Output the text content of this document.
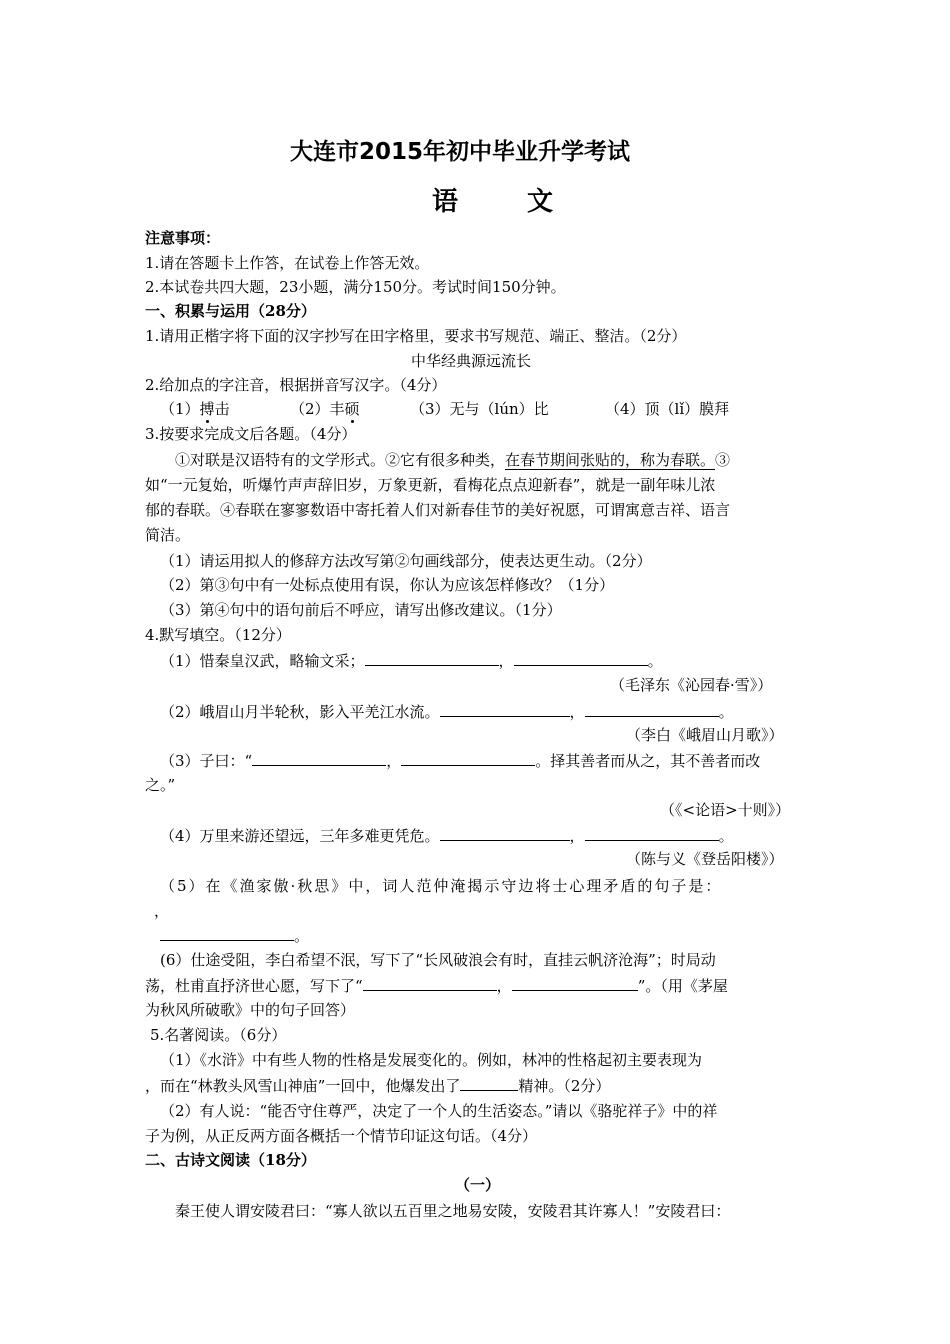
大连市2015年初中毕业升学考试
语 文
注意事项：
1.请在答题卡上作答，在试卷上作答无效。
2.本试卷共四大题，23小题，满分150分。考试时间150分钟。
一、积累与运用（28分）
1.请用正楷字将下面的汉字抄写在田字格里，要求书写规范、端正、整洁。（2分）
中华经典源远流长
2.给加点的字注音，根据拼音写汉字。（4分）
（1）搏击	（2）丰硕	（3）无与（lún）比	（4）顶（lǐ）膜拜
3.按要求完成文后各题。（4分）
①对联是汉语特有的文学形式。②它有很多种类，在春节期间张贴的，称为春联。③
如“一元复始，听爆竹声声辞旧岁，万象更新，看梅花点点迎新春”，就是一副年味儿浓
郁的春联。④春联在寥寥数语中寄托着人们对新春佳节的美好祝愿，可谓寓意吉祥、语言
简洁。
（1）请运用拟人的修辞方法改写第②句画线部分，使表达更生动。（2分）
（2）第③句中有一处标点使用有误，你认为应该怎样修改？（1分）
（3）第④句中的语句前后不呼应，请写出修改建议。（1分）
4.默写填空。（12分）
（1）惜秦皇汉武，略输文采；	，	。
（毛泽东《沁园春·雪》）
（2）峨眉山月半轮秋，影入平羌江水流。	，	。
（李白《峨眉山月歌》）
（3）子曰：“	，	。择其善者而从之，其不善者而改
之。”
（《<论语>十则》）
（4）万里来游还望远，三年多难更凭危。	，	。
（陈与义《登岳阳楼》）
（5）在《渔家傲·秋思》中，词人范仲淹揭示守边将士心理矛盾的句子是：
，
。
(6）仕途受阻，李白希望不泯，写下了“长风破浪会有时，直挂云帆济沧海”；时局动
荡，杜甫直抒济世心愿，写下了“	，	”。（用《茅屋
为秋风所破歌》中的句子回答）
5.名著阅读。（6分）
（1）《水浒》中有些人物的性格是发展变化的。例如，林冲的性格起初主要表现为
，而在“林教头风雪山神庙”一回中，他爆发出了	精神。（2分）
（2）有人说：“能否守住尊严，决定了一个人的生活姿态。”请以《骆驼祥子》中的祥
子为例，从正反两方面各概括一个情节印证这句话。（4分）
二、古诗文阅读（18分）
（一）
秦王使人谓安陵君曰：“寡人欲以五百里之地易安陵，安陵君其许寡人！”安陵君曰：
